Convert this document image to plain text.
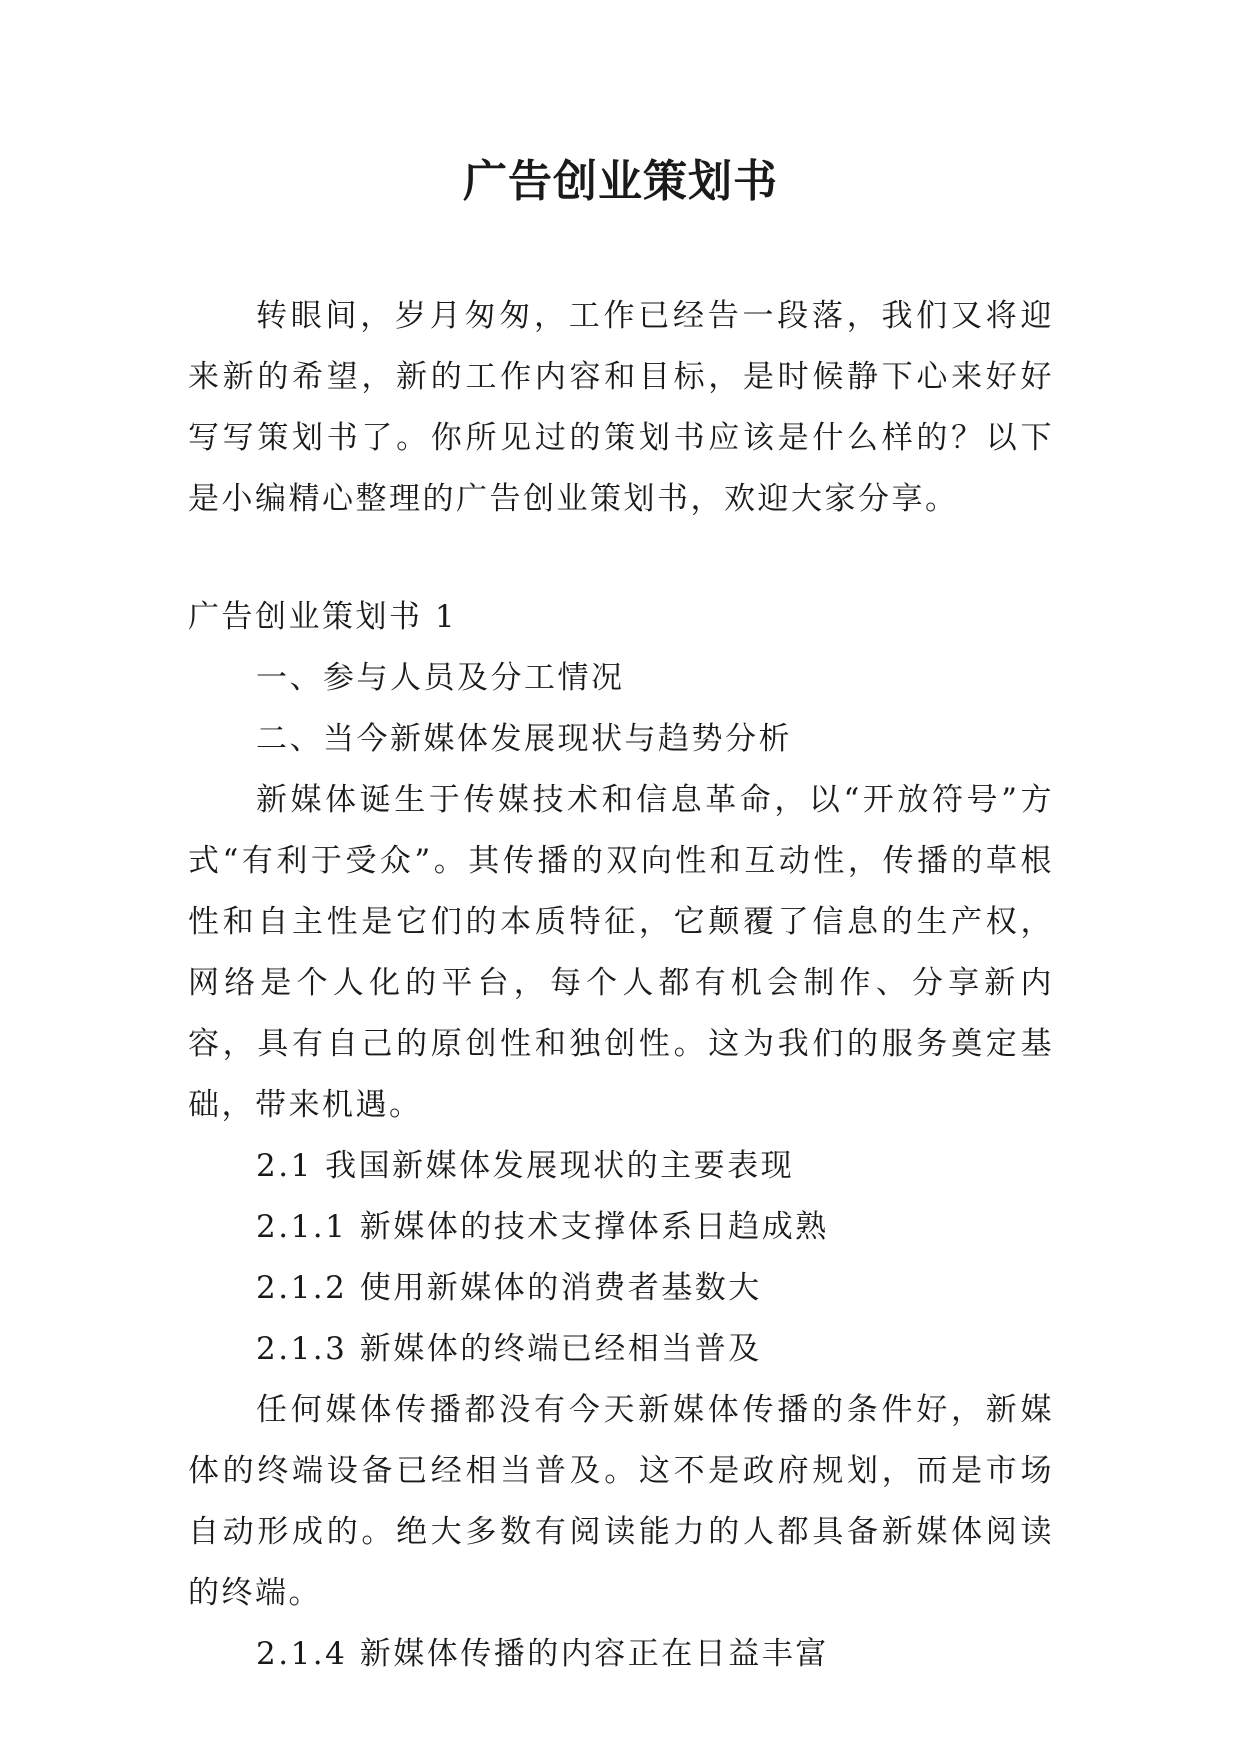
广告创业策划书

转眼间，岁月匆匆，工作已经告一段落，我们又将迎来新的希望，新的工作内容和目标，是时候静下心来好好写写策划书了。你所见过的策划书应该是什么样的？以下是小编精心整理的广告创业策划书，欢迎大家分享。

广告创业策划书 1

一、参与人员及分工情况

二、当今新媒体发展现状与趋势分析

新媒体诞生于传媒技术和信息革命，以“开放符号”方式“有利于受众”。其传播的双向性和互动性，传播的草根性和自主性是它们的本质特征，它颠覆了信息的生产权，网络是个人化的平台，每个人都有机会制作、分享新内容，具有自己的原创性和独创性。这为我们的服务奠定基础，带来机遇。

2.1 我国新媒体发展现状的主要表现

2.1.1 新媒体的技术支撑体系日趋成熟

2.1.2 使用新媒体的消费者基数大

2.1.3 新媒体的终端已经相当普及

任何媒体传播都没有今天新媒体传播的条件好，新媒体的终端设备已经相当普及。这不是政府规划，而是市场自动形成的。绝大多数有阅读能力的人都具备新媒体阅读的终端。

2.1.4 新媒体传播的内容正在日益丰富
